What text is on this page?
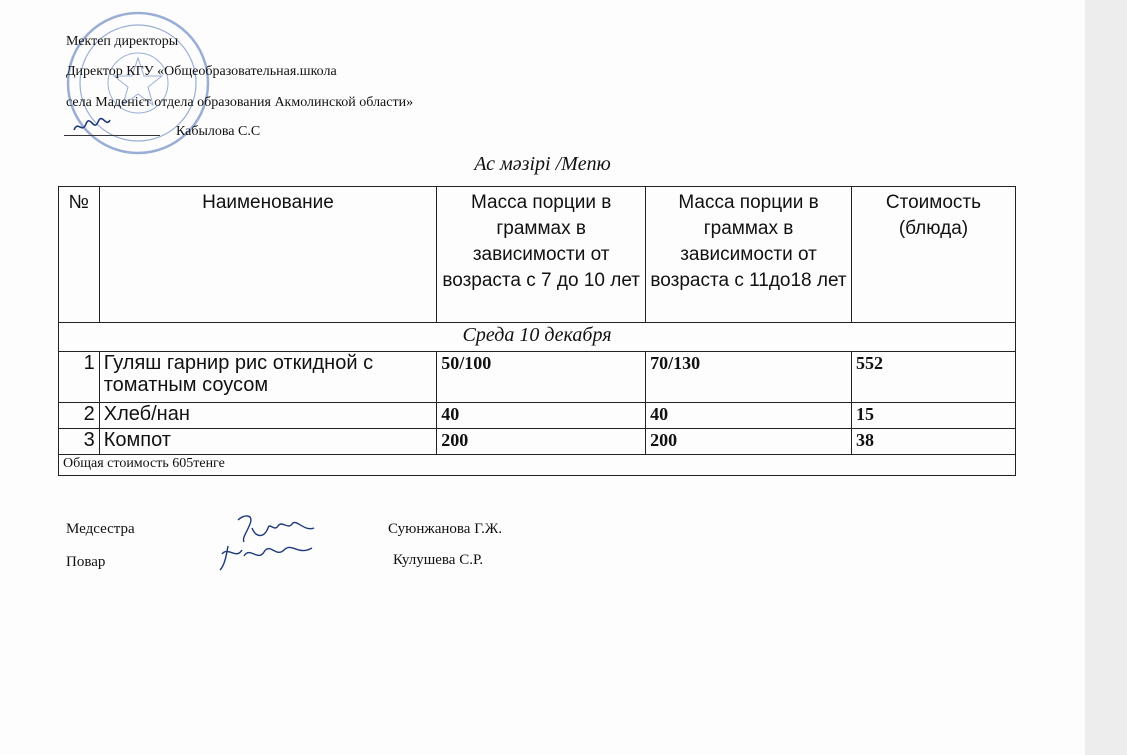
Мектеп директоры
Директор КГУ «Общеобразовательная.школа
села Маденієт отдела образования Акмолинской области»
Кабылова С.С
Ас мәзірі /Menю
№	Наименование	Масса порции в граммах в зависимости от возраста с 7 до 10 лет	Масса порции в граммах в зависимости от возраста с 11до18 лет	Стоимость (блюда)
Среда 10 декабря				
1	Гуляш гарнир рис откидной с томатным соусом	50/100	70/130	552
2	Хлеб/нан	40	40	15
3	Компот	200	200	38
Общая стоимость 605тенге				
Медсестра	Суюнжанова Г.Ж.
Повар	Кулушева С.Р.
